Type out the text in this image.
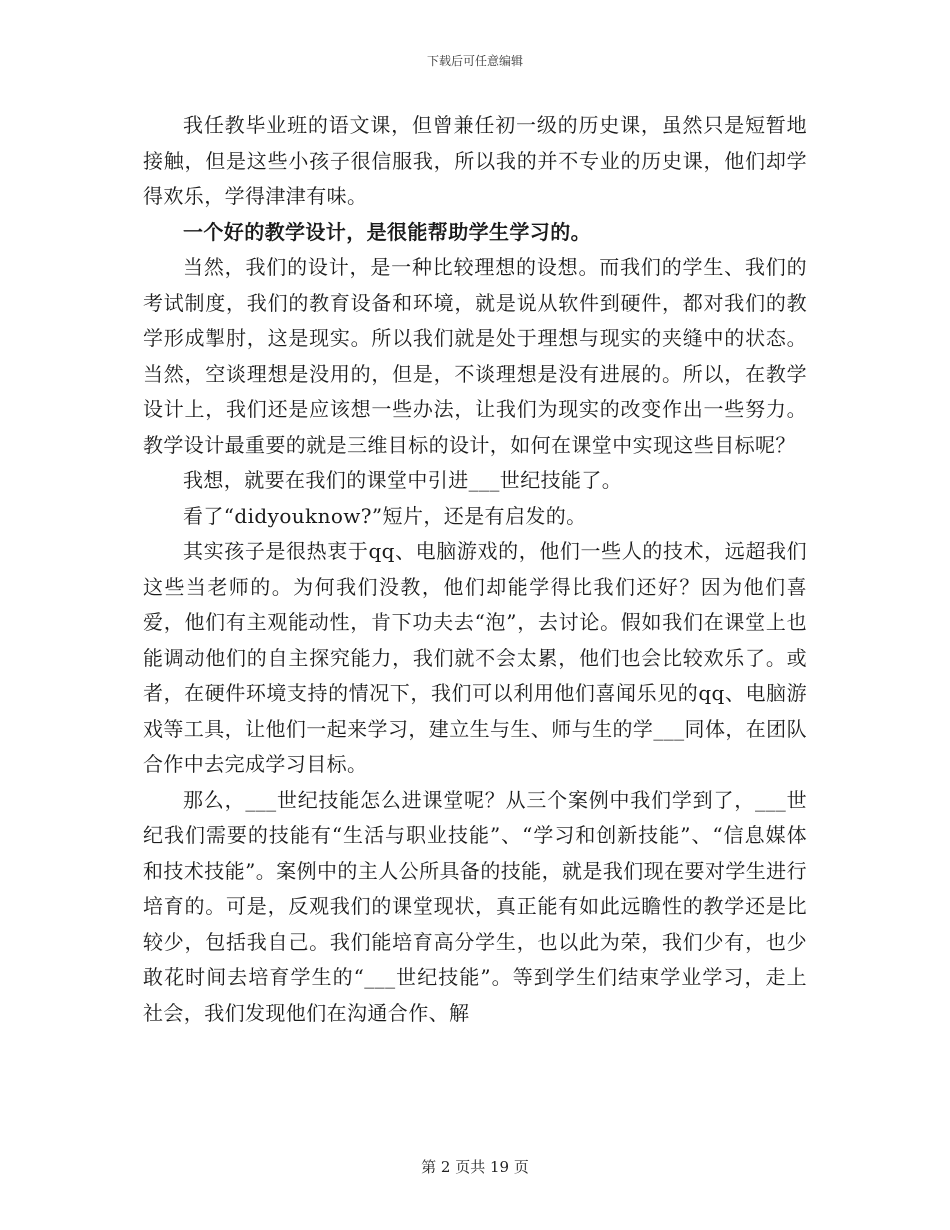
下载后可任意编辑

我任教毕业班的语文课，但曾兼任初一级的历史课，虽然只是短暂地接触，但是这些小孩子很信服我，所以我的并不专业的历史课，他们却学得欢乐，学得津津有味。

一个好的教学设计，是很能帮助学生学习的。

当然，我们的设计，是一种比较理想的设想。而我们的学生、我们的考试制度，我们的教育设备和环境，就是说从软件到硬件，都对我们的教学形成掣肘，这是现实。所以我们就是处于理想与现实的夹缝中的状态。当然，空谈理想是没用的，但是，不谈理想是没有进展的。所以，在教学设计上，我们还是应该想一些办法，让我们为现实的改变作出一些努力。教学设计最重要的就是三维目标的设计，如何在课堂中实现这些目标呢？

我想，就要在我们的课堂中引进___世纪技能了。

看了“didyouknow?”短片，还是有启发的。

其实孩子是很热衷于qq、电脑游戏的，他们一些人的技术，远超我们这些当老师的。为何我们没教，他们却能学得比我们还好？因为他们喜爱，他们有主观能动性，肯下功夫去“泡”，去讨论。假如我们在课堂上也能调动他们的自主探究能力，我们就不会太累，他们也会比较欢乐了。或者，在硬件环境支持的情况下，我们可以利用他们喜闻乐见的qq、电脑游戏等工具，让他们一起来学习，建立生与生、师与生的学___同体，在团队合作中去完成学习目标。

那么，___世纪技能怎么进课堂呢？从三个案例中我们学到了，___世纪我们需要的技能有“生活与职业技能”、“学习和创新技能”、“信息媒体和技术技能”。案例中的主人公所具备的技能，就是我们现在要对学生进行培育的。可是，反观我们的课堂现状，真正能有如此远瞻性的教学还是比较少，包括我自己。我们能培育高分学生，也以此为荣，我们少有，也少敢花时间去培育学生的“___世纪技能”。等到学生们结束学业学习，走上社会，我们发现他们在沟通合作、解

第 2 页共 19 页
